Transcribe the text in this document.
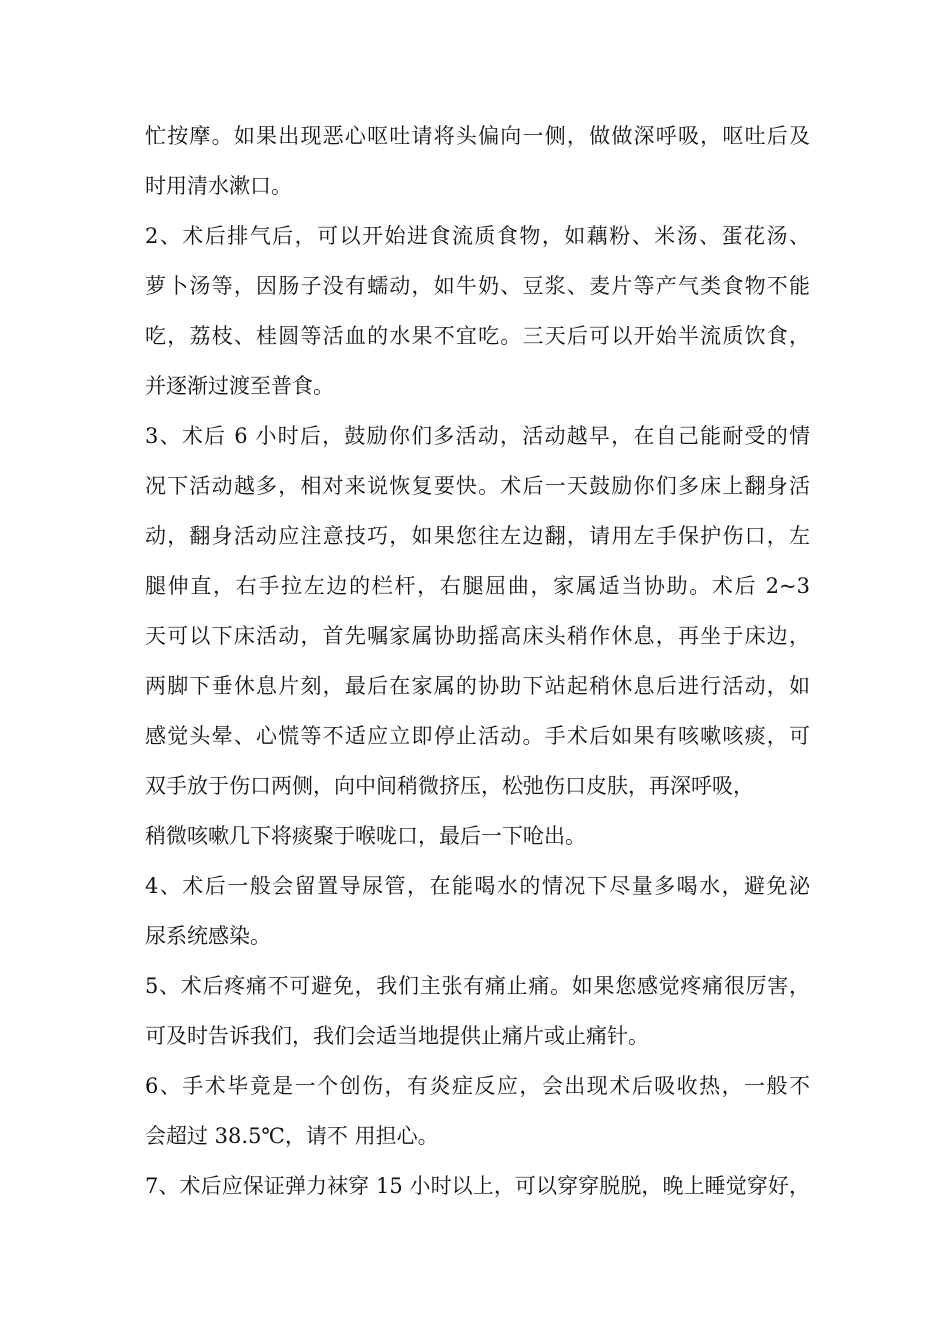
忙按摩。如果出现恶心呕吐请将头偏向一侧，做做深呼吸，呕吐后及
时用清水漱口。
2、术后排气后，可以开始进食流质食物，如藕粉、米汤、蛋花汤、
萝卜汤等，因肠子没有蠕动，如牛奶、豆浆、麦片等产气类食物不能
吃，荔枝、桂圆等活血的水果不宜吃。三天后可以开始半流质饮食，
并逐渐过渡至普食。
3、术后 6 小时后，鼓励你们多活动，活动越早，在自己能耐受的情
况下活动越多，相对来说恢复要快。术后一天鼓励你们多床上翻身活
动，翻身活动应注意技巧，如果您往左边翻，请用左手保护伤口，左
腿伸直，右手拉左边的栏杆，右腿屈曲，家属适当协助。术后 2~3
天可以下床活动，首先嘱家属协助摇高床头稍作休息，再坐于床边，
两脚下垂休息片刻，最后在家属的协助下站起稍休息后进行活动，如
感觉头晕、心慌等不适应立即停止活动。手术后如果有咳嗽咳痰，可
双手放于伤口两侧，向中间稍微挤压，松弛伤口皮肤，再深呼吸，
稍微咳嗽几下将痰聚于喉咙口，最后一下呛出。
4、术后一般会留置导尿管，在能喝水的情况下尽量多喝水，避免泌
尿系统感染。
5、术后疼痛不可避免，我们主张有痛止痛。如果您感觉疼痛很厉害，
可及时告诉我们，我们会适当地提供止痛片或止痛针。
6、手术毕竟是一个创伤，有炎症反应，会出现术后吸收热，一般不
会超过 38.5℃，请不 用担心。
7、术后应保证弹力袜穿 15 小时以上，可以穿穿脱脱，晚上睡觉穿好，
